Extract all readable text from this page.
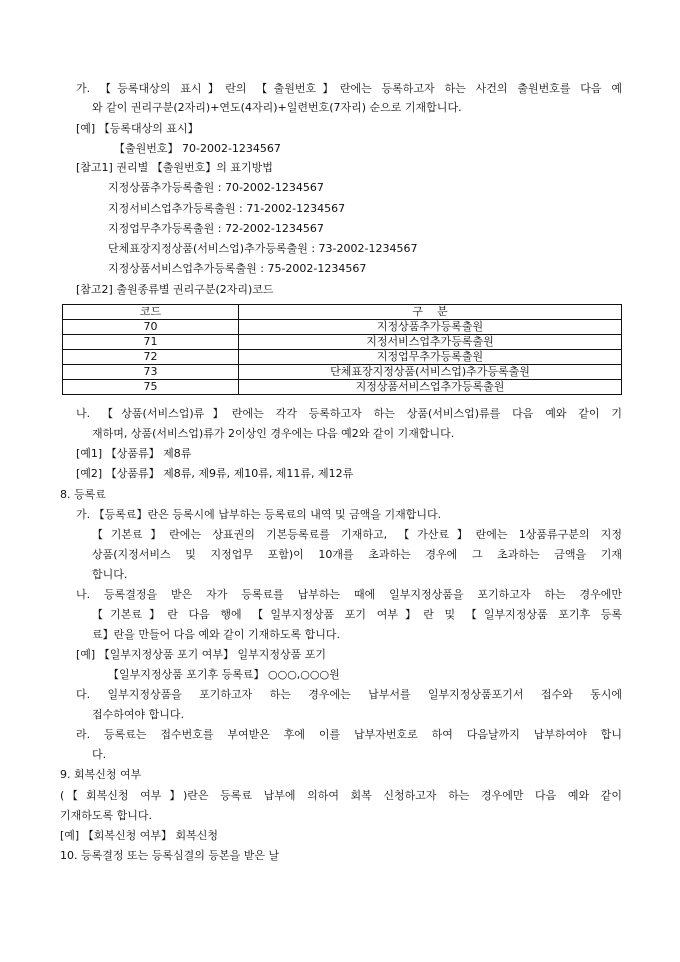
가. 【등록대상의 표시】란의 【출원번호】란에는 등록하고자 하는 사건의 출원번호를 다음 예
와 같이 권리구분(2자리)+연도(4자리)+일련번호(7자리) 순으로 기재합니다.
[예] 【등록대상의 표시】
【출원번호】 70-2002-1234567
[참고1] 권리별 【출원번호】의 표기방법
지정상품추가등록출원 : 70-2002-1234567
지정서비스업추가등록출원 : 71-2002-1234567
지정업무추가등록출원 : 72-2002-1234567
단체표장지정상품(서비스업)추가등록출원 : 73-2002-1234567
지정상품서비스업추가등록출원 : 75-2002-1234567
[참고2] 출원종류별 권리구분(2자리)코드
코드	구    분
70	지정상품추가등록출원
71	지정서비스업추가등록출원
72	지정업무추가등록출원
73	단체표장지정상품(서비스업)추가등록출원
75	지정상품서비스업추가등록출원
나. 【상품(서비스업)류】란에는 각각 등록하고자 하는 상품(서비스업)류를 다음 예와 같이 기
재하며, 상품(서비스업)류가 2이상인 경우에는 다음 예2와 같이 기재합니다.
[예1] 【상품류】 제8류
[예2] 【상품류】 제8류, 제9류, 제10류, 제11류, 제12류
8. 등록료
가. 【등록료】란은 등록시에 납부하는 등록료의 내역 및 금액을 기재합니다.
【기본료】란에는 상표권의 기본등록료를 기재하고, 【가산료】란에는 1상품류구분의 지정
상품(지정서비스 및 지정업무 포함)이 10개를 초과하는 경우에 그 초과하는 금액을 기재
합니다.
나. 등록결정을 받은 자가 등록료를 납부하는 때에 일부지정상품을 포기하고자 하는 경우에만
【기본료】란 다음 행에 【일부지정상품 포기 여부】란 및 【일부지정상품 포기후 등록
료】란을 만들어 다음 예와 같이 기재하도록 합니다.
[예] 【일부지정상품 포기 여부】 일부지정상품 포기
【일부지정상품 포기후 등록료】 ○○○,○○○원
다. 일부지정상품을 포기하고자 하는 경우에는 납부서를 일부지정상품포기서 접수와 동시에
접수하여야 합니다.
라. 등록료는 접수번호를 부여받은 후에 이를 납부자번호로 하여 다음날까지 납부하여야 합니
다.
9. 회복신청 여부
(【회복신청 여부】)란은 등록료 납부에 의하여 회복 신청하고자 하는 경우에만 다음 예와 같이
기재하도록 합니다.
[예] 【회복신청 여부】 회복신청
10. 등록결정 또는 등록심결의 등본을 받은 날
